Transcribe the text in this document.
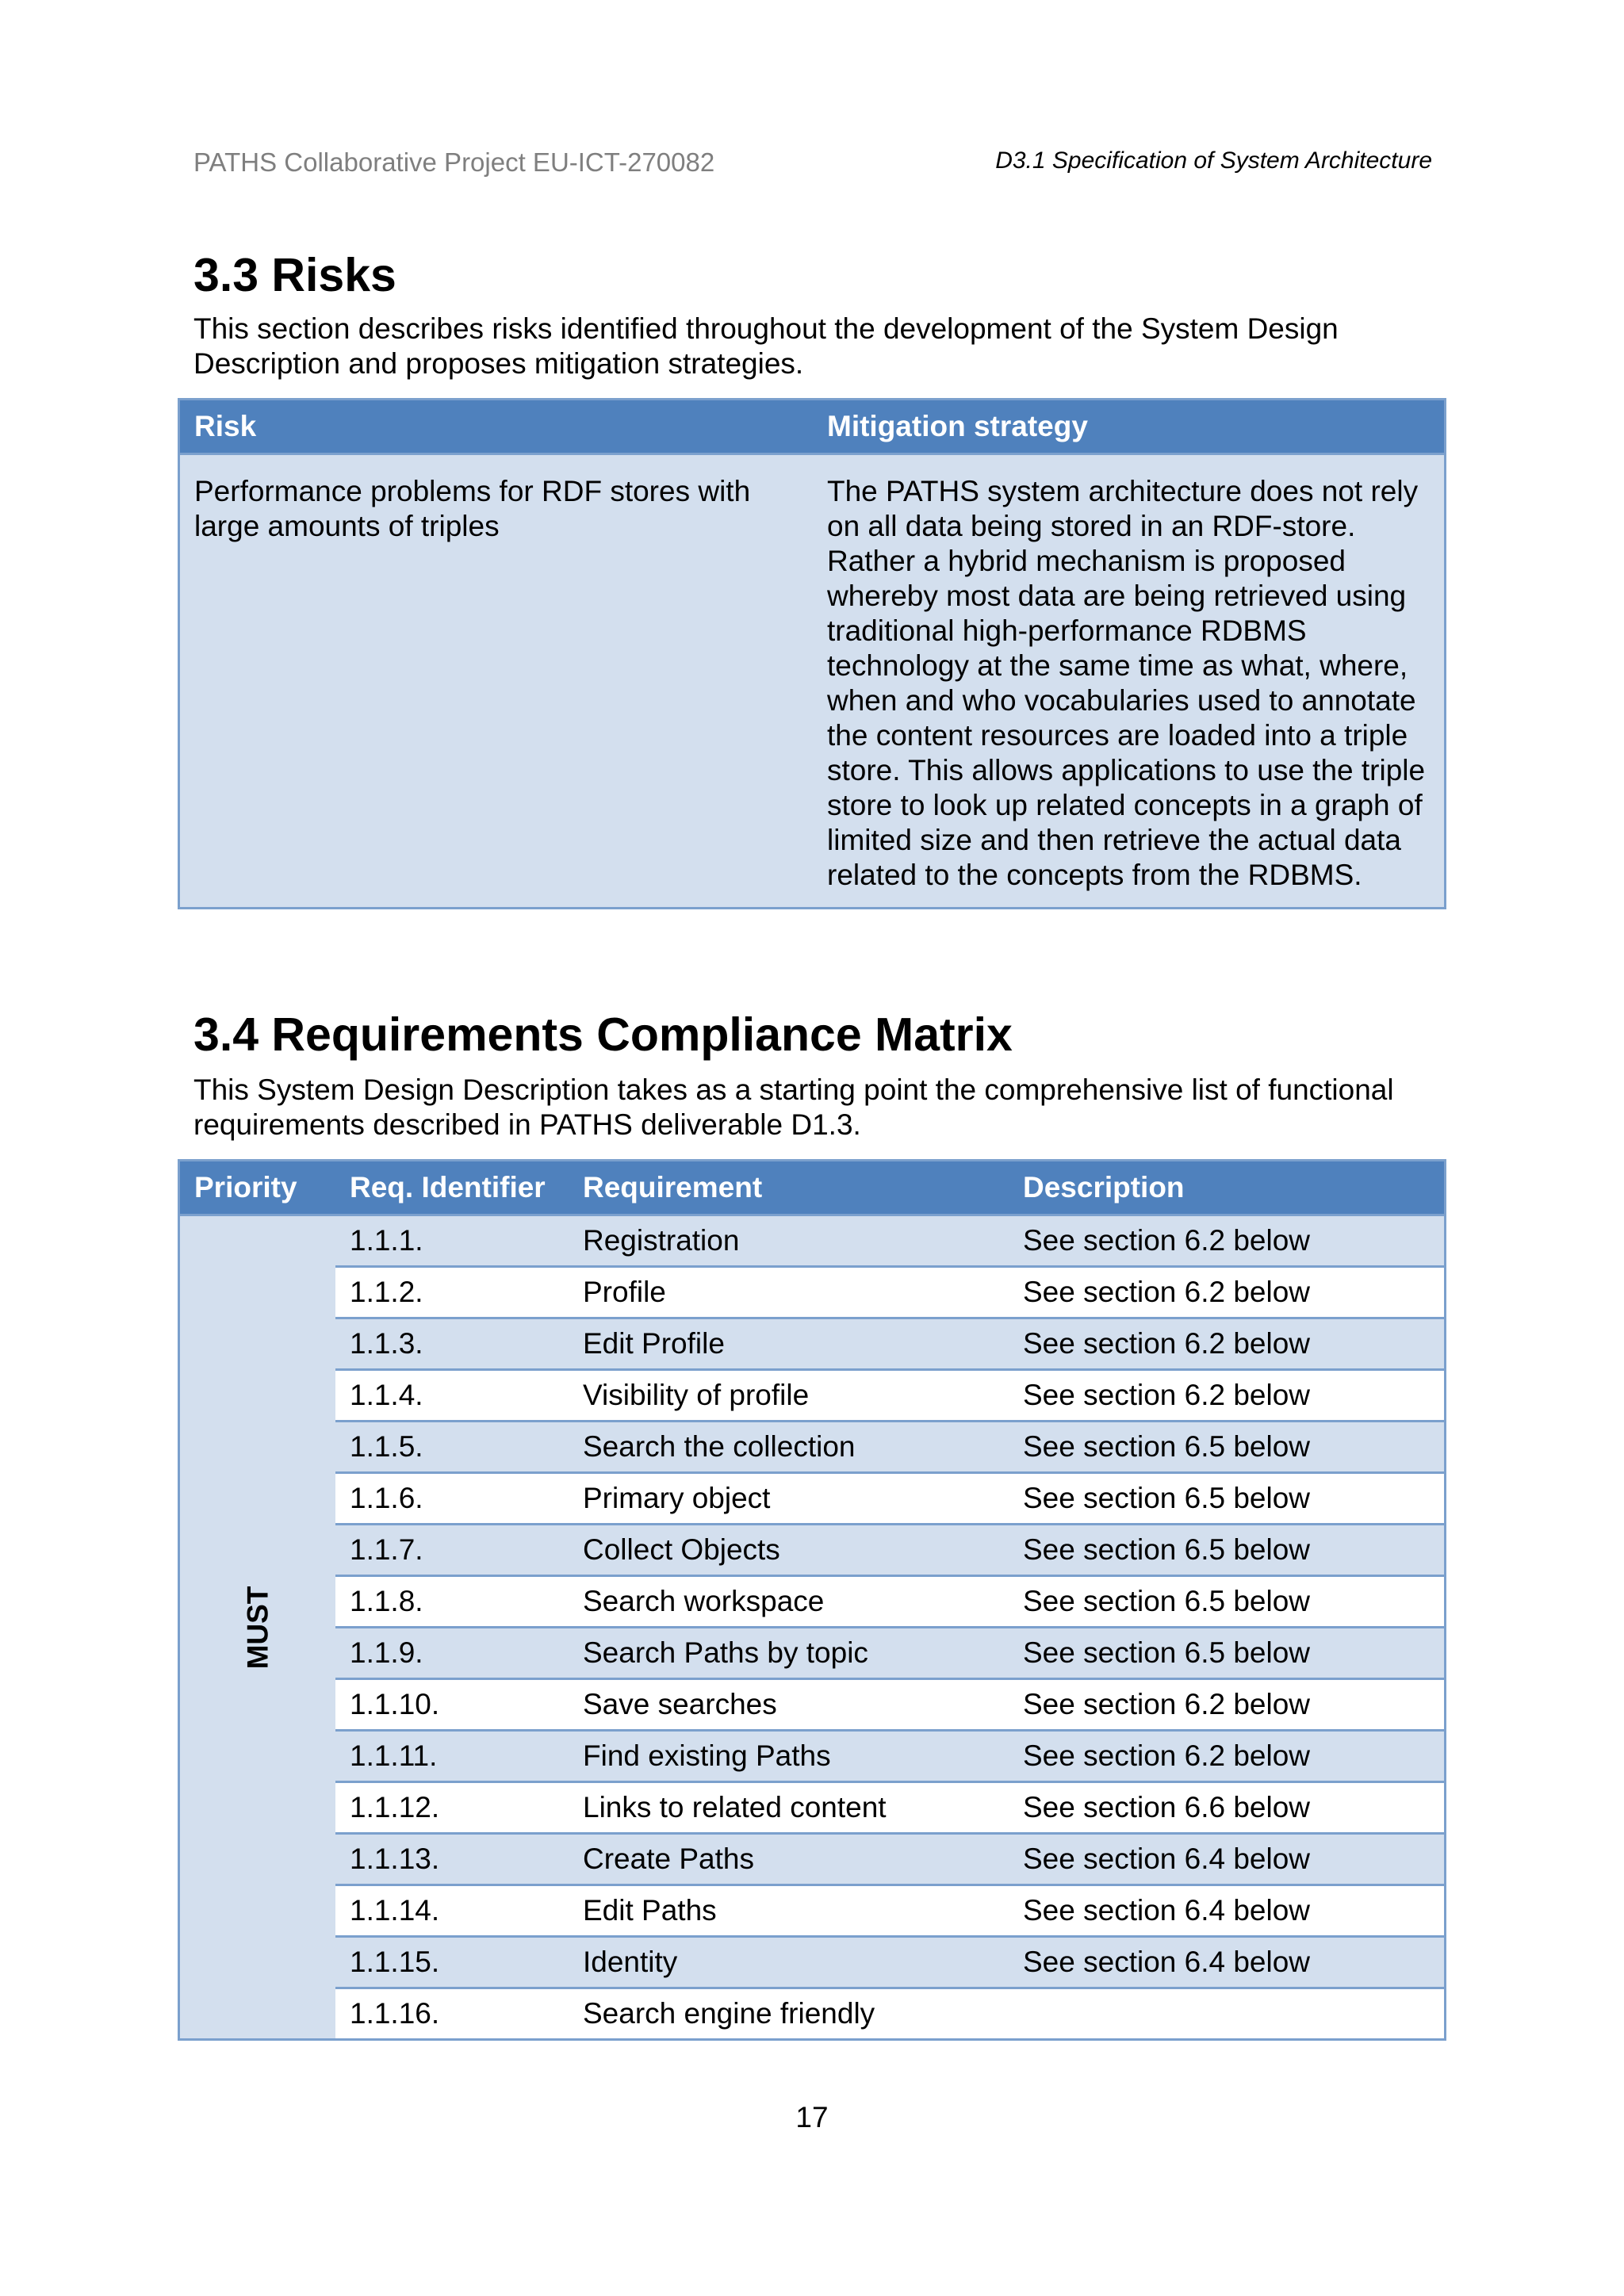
PATHS Collaborative Project EU-ICT-270082	D3.1 Specification of System Architecture
3.3 Risks

This section describes risks identified throughout the development of the System Design Description and proposes mitigation strategies.

Risk	Mitigation strategy
Performance problems for RDF stores with large amounts of triples	The PATHS system architecture does not rely on all data being stored in an RDF-store. Rather a hybrid mechanism is proposed whereby most data are being retrieved using traditional high-performance RDBMS technology at the same time as what, where, when and who vocabularies used to annotate the content resources are loaded into a triple store. This allows applications to use the triple store to look up related concepts in a graph of limited size and then retrieve the actual data related to the concepts from the RDBMS.
3.4 Requirements Compliance Matrix

This System Design Description takes as a starting point the comprehensive list of functional requirements described in PATHS deliverable D1.3.

Priority	Req. Identifier	Requirement	Description
MUST	1.1.1.	Registration	See section 6.2 below
	1.1.2.	Profile	See section 6.2 below
	1.1.3.	Edit Profile	See section 6.2 below
	1.1.4.	Visibility of profile	See section 6.2 below
	1.1.5.	Search the collection	See section 6.5 below
	1.1.6.	Primary object	See section 6.5 below
	1.1.7.	Collect Objects	See section 6.5 below
	1.1.8.	Search workspace	See section 6.5 below
	1.1.9.	Search Paths by topic	See section 6.5 below
	1.1.10.	Save searches	See section 6.2 below
	1.1.11.	Find existing Paths	See section 6.2 below
	1.1.12.	Links to related content	See section 6.6 below
	1.1.13.	Create Paths	See section 6.4 below
	1.1.14.	Edit Paths	See section 6.4 below
	1.1.15.	Identity	See section 6.4 below
	1.1.16.	Search engine friendly	
17
